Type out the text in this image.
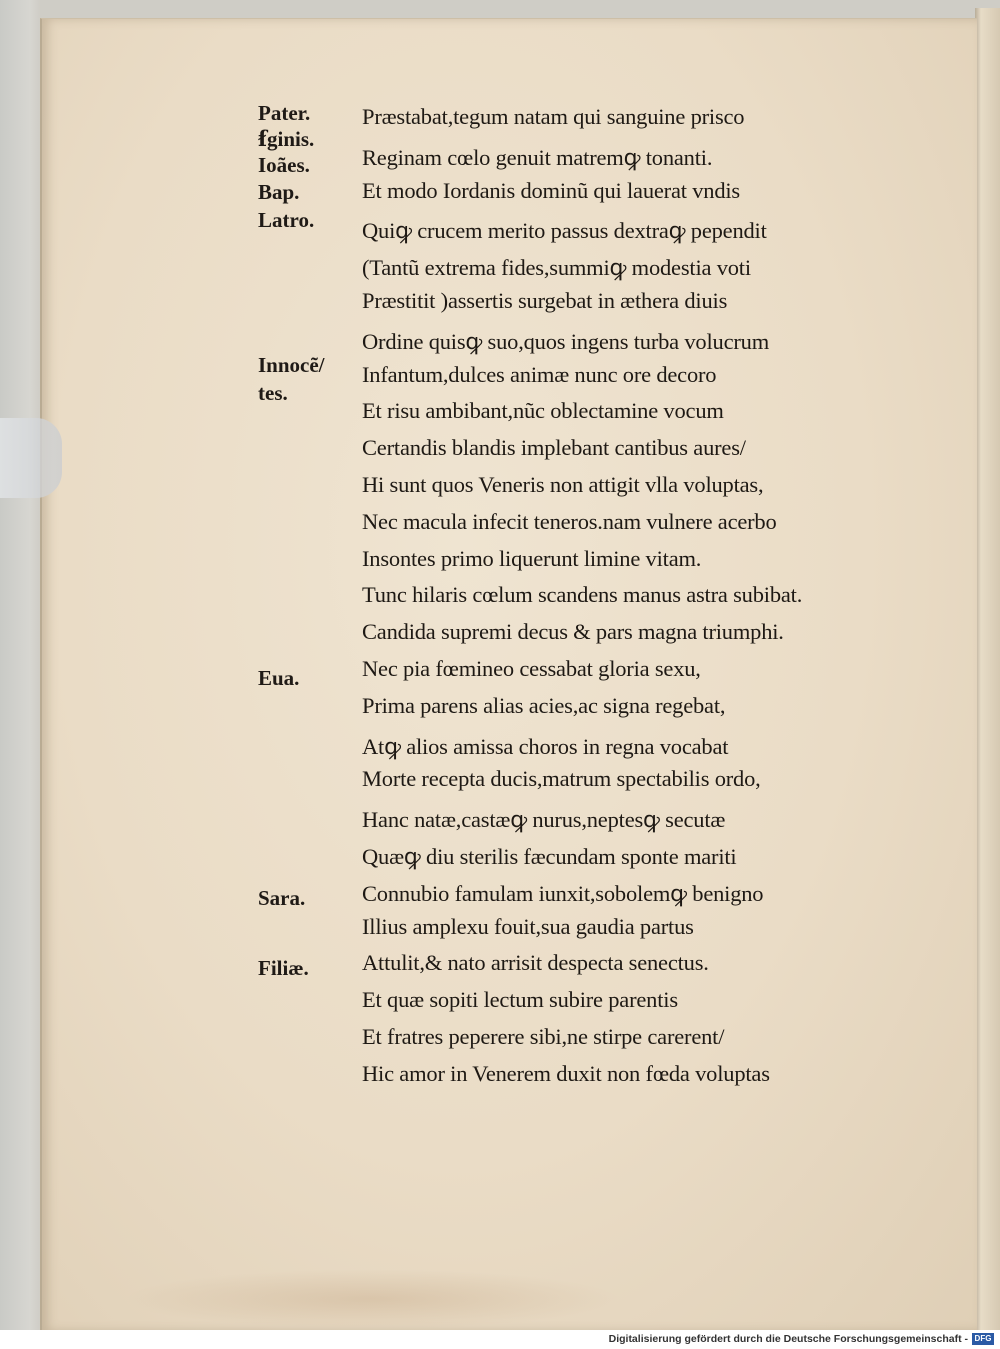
Pater.
ẜginis.
Ioães.
Bap.
Latro.
Innocẽ/
tes.
Eua.
Sara.
Filiæ.
Præstabat,tegum natam qui sanguine prisco
Reginam cœlo genuit matremꝙ tonanti.
Et modo Iordanis dominũ qui lauerat vndis
Quiꝙ crucem merito passus dextraꝙ pependit
(Tantũ extrema fides,summiꝙ modestia voti
Præstitit )assertis surgebat in æthera diuis
Ordine quisꝙ suo,quos ingens turba volucrum
Infantum,dulces animæ nunc ore decoro
Et risu ambibant,nũc oblectamine vocum
Certandis blandis implebant cantibus aures/
Hi sunt quos Veneris non attigit vlla voluptas,
Nec macula infecit teneros.nam vulnere acerbo
Insontes primo liquerunt limine vitam.
Tunc hilaris cœlum scandens manus astra subibat.
Candida supremi decus & pars magna triumphi.
Nec pia fœmineo cessabat gloria sexu,
Prima parens alias acies,ac signa regebat,
Atꝙ alios amissa choros in regna vocabat
Morte recepta ducis,matrum spectabilis ordo,
Hanc natæ,castæꝙ nurus,neptesꝙ secutæ
Quæꝙ diu sterilis fæcundam sponte mariti
Connubio famulam iunxit,sobolemꝙ benigno
Illius amplexu fouit,sua gaudia partus
Attulit,& nato arrisit despecta senectus.
Et quæ sopiti lectum subire parentis
Et fratres peperere sibi,ne stirpe carerent/
Hic amor in Venerem duxit non fœda voluptas
Digitalisierung gefördert durch die Deutsche Forschungsgemeinschaft - DFG
